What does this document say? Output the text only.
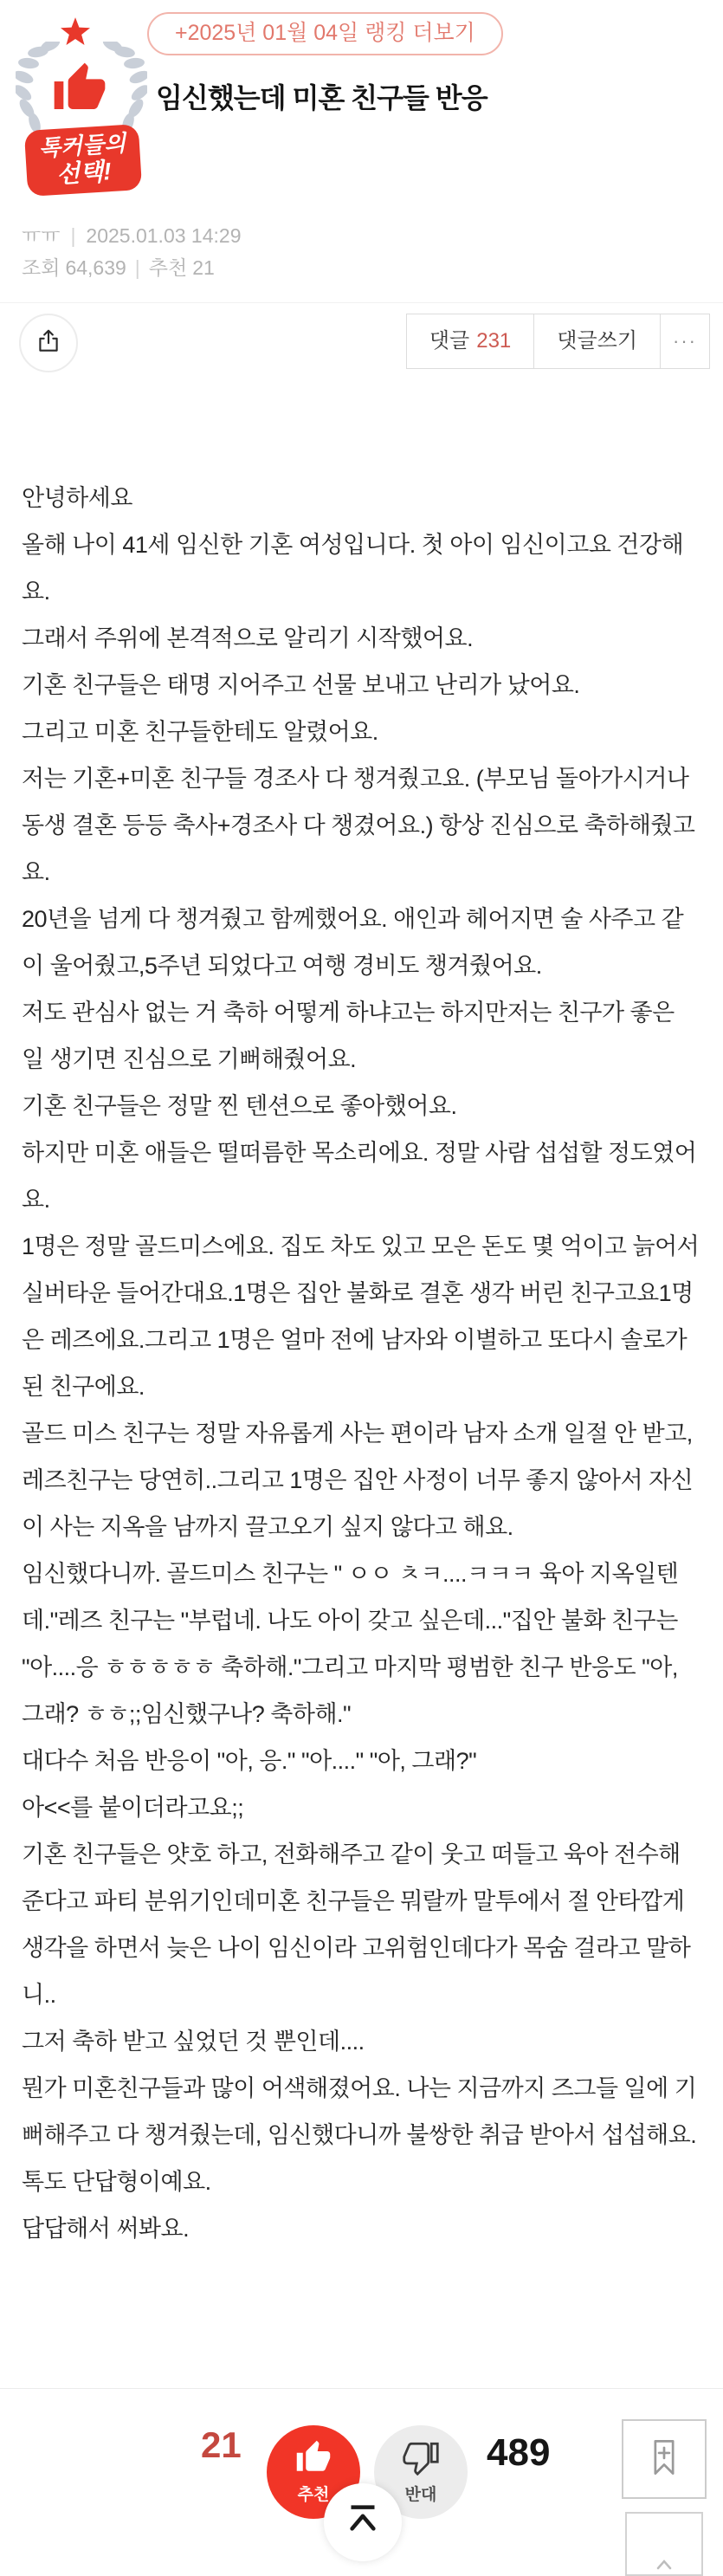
톡커들의
선택!
+2025년 01월 04일 랭킹 더보기
임신했는데 미혼 친구들 반응
ㅠㅠ | 2025.01.03 14:29
조회 64,639 | 추천 21
댓글 231	댓글쓰기	···

안녕하세요

올해 나이 41세 임신한 기혼 여성입니다. 첫 아이 임신이고요 건강해요.

그래서 주위에 본격적으로 알리기 시작했어요.

기혼 친구들은 태명 지어주고 선물 보내고 난리가 났어요.

그리고 미혼 친구들한테도 알렸어요.

저는 기혼+미혼 친구들 경조사 다 챙겨줬고요. (부모님 돌아가시거나 동생 결혼 등등 축사+경조사 다 챙겼어요.) 항상 진심으로 축하해줬고요.

20년을 넘게 다 챙겨줬고 함께했어요. 애인과 헤어지면 술 사주고 같이 울어줬고,5주년 되었다고 여행 경비도 챙겨줬어요.

저도 관심사 없는 거 축하 어떻게 하냐고는 하지만저는 친구가 좋은 일 생기면 진심으로 기뻐해줬어요.

기혼 친구들은 정말 찐 텐션으로 좋아했어요.

하지만 미혼 애들은 떨떠름한 목소리에요. 정말 사람 섭섭할 정도였어요.

1명은 정말 골드미스에요. 집도 차도 있고 모은 돈도 몇 억이고 늙어서 실버타운 들어간대요.1명은 집안 불화로 결혼 생각 버린 친구고요1명은 레즈에요.그리고 1명은 얼마 전에 남자와 이별하고 또다시 솔로가 된 친구에요.

골드 미스 친구는 정말 자유롭게 사는 편이라 남자 소개 일절 안 받고, 레즈친구는 당연히..그리고 1명은 집안 사정이 너무 좋지 않아서 자신이 사는 지옥을 남까지 끌고오기 싶지 않다고 해요.

임신했다니까. 골드미스 친구는 " ㅇㅇ ㅊㅋ....ㅋㅋㅋ 육아 지옥일텐데."레즈 친구는 "부럽네. 나도 아이 갖고 싶은데..."집안 불화 친구는 "아....응 ㅎㅎㅎㅎㅎ 축하해."그리고 마지막 평범한 친구 반응도 "아, 그래? ㅎㅎ;;임신했구나? 축하해."

대다수 처음 반응이 "아, 응." "아...." "아, 그래?"

아<<를 붙이더라고요;;

기혼 친구들은 얏호 하고, 전화해주고 같이 웃고 떠들고 육아 전수해준다고 파티 분위기인데미혼 친구들은 뭐랄까 말투에서 절 안타깝게 생각을 하면서 늦은 나이 임신이라 고위험인데다가 목숨 걸라고 말하니..

그저 축하 받고 싶었던 것 뿐인데....

뭔가 미혼친구들과 많이 어색해졌어요. 나는 지금까지 즈그들 일에 기뻐해주고 다 챙겨줬는데, 임신했다니까 불쌍한 취급 받아서 섭섭해요.

톡도 단답형이예요.

답답해서 써봐요.

21
추천	반대
489
